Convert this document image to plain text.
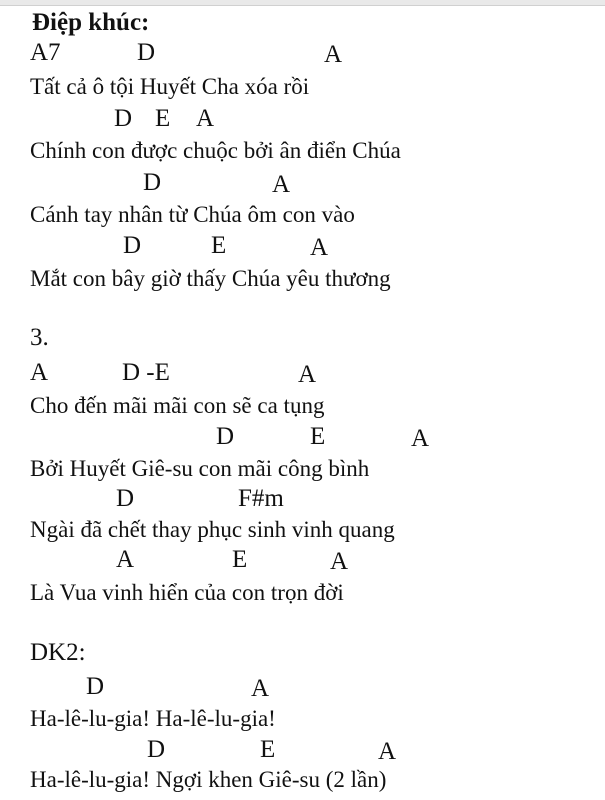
Điệp khúc:
A7	D	A
Tất cả ô tội Huyết Cha xóa rồi
D E A
Chính con được chuộc bởi ân điển Chúa
D	A
Cánh tay nhân từ Chúa ôm con vào
D	E	A
Mắt con bây giờ thấy Chúa yêu thương
3.
A	D -E	A
Cho đến mãi mãi con sẽ ca tụng
D	E	A
Bởi Huyết Giê-su con mãi công bình
D	F#m
Ngài đã chết thay phục sinh vinh quang
A	E	A
Là Vua vinh hiển của con trọn đời
DK2:
D	A
Ha-lê-lu-gia! Ha-lê-lu-gia!
D	E	A
Ha-lê-lu-gia! Ngợi khen Giê-su (2 lần)
